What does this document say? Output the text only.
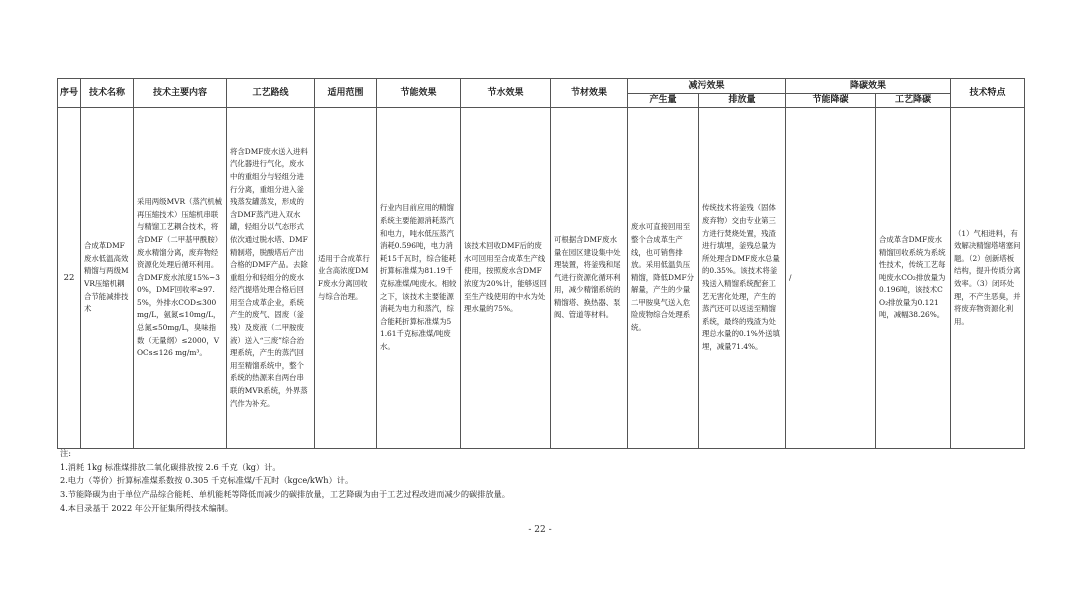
序号	技术名称	技术主要内容	工艺路线	适用范围	节能效果	节水效果	节材效果	减污效果		降碳效果		技术特点
								产生量	排放量	节能降碳	工艺降碳	

22	合成革DMF废水低温高效精馏与两级MVR压缩机耦合节能减排技术	采用两级MVR（蒸汽机械再压缩技术）压缩机串联与精馏工艺耦合技术，将含DMF（二甲基甲酰胺）废水精馏分离，废弃物经资源化处理后循环利用。含DMF废水浓度15%~30%，DMF回收率≥97.5%，外排水COD≤300mg/L，氨氮≤10mg/L，总氮≤50mg/L，臭味指数（无量纲）≤2000，VOCs≤126 mg/m³。	将含DMF废水送入进料汽化器进行气化，废水中的重组分与轻组分进行分离，重组分进入釜残蒸发罐蒸发，形成的含DMF蒸汽进入双水罐，轻组分以气态形式依次通过脱水塔、DMF精制塔，脱酸塔后产出合格的DMF产品。去除重组分和轻组分的废水经汽提塔处理合格后回用至合成革企业，系统产生的废气、固废（釜残）及废液（二甲胺废液）送入“三废”综合治理系统，产生的蒸汽回用至精馏系统中，整个系统的热源来自两台串联的MVR系统，外界蒸汽作为补充。	适用于合成革行业含高浓度DMF废水分离回收与综合治理。	行业内目前应用的精馏系统主要能源消耗蒸汽和电力，吨水低压蒸汽消耗0.596吨，电力消耗15千瓦时，综合能耗折算标准煤为81.19千克标准煤/吨废水。相较之下，该技术主要能源消耗为电力和蒸汽，综合能耗折算标准煤为51.61千克标准煤/吨废水。	该技术回收DMF后的废水可回用至合成革生产线使用，按照废水含DMF浓度为20%计，能够返回至生产线使用的中水为处理水量的75%。	可根据含DMF废水量在园区建设集中处理装置，将釜残和尾气进行资源化循环利用，减少精馏系统的精馏塔、换热器、泵阀、管道等材料。	废水可直接回用至整个合成革生产线，也可销售排放。采用低温负压精馏，降低DMF分解量，产生的少量二甲胺臭气送入危险废物综合处理系统。	传统技术将釜残（固体废弃物）交由专业第三方进行焚烧处置，残渣进行填埋，釜残总量为所处理含DMF废水总量的0.35%。该技术将釜残送入精馏系统配套工艺无害化处理，产生的蒸汽还可以返送至精馏系统，最终的残渣为处理总水量的0.1%外送填埋，减量71.4%。	/	合成革含DMF废水精馏回收系统为系统性技术，传统工艺每吨废水CO₂排放量为0.196吨，该技术CO₂排放量为0.121吨，减幅38.26%。	（1）气相进料，有效解决精馏塔堵塞问题。（2）创新塔板结构，提升传质分离效率。（3）闭环处理，不产生恶臭，并将废弃物资源化利用。
注:
1.消耗 1kg 标准煤排放二氧化碳排放按 2.6 千克（kg）计。
2.电力（等价）折算标准煤系数按 0.305 千克标准煤/千瓦时（kgce/kWh）计。
3.节能降碳为由于单位产品综合能耗、单机能耗等降低而减少的碳排放量，工艺降碳为由于工艺过程改进而减少的碳排放量。
4.本目录基于 2022 年公开征集所得技术编制。
- 22 -
